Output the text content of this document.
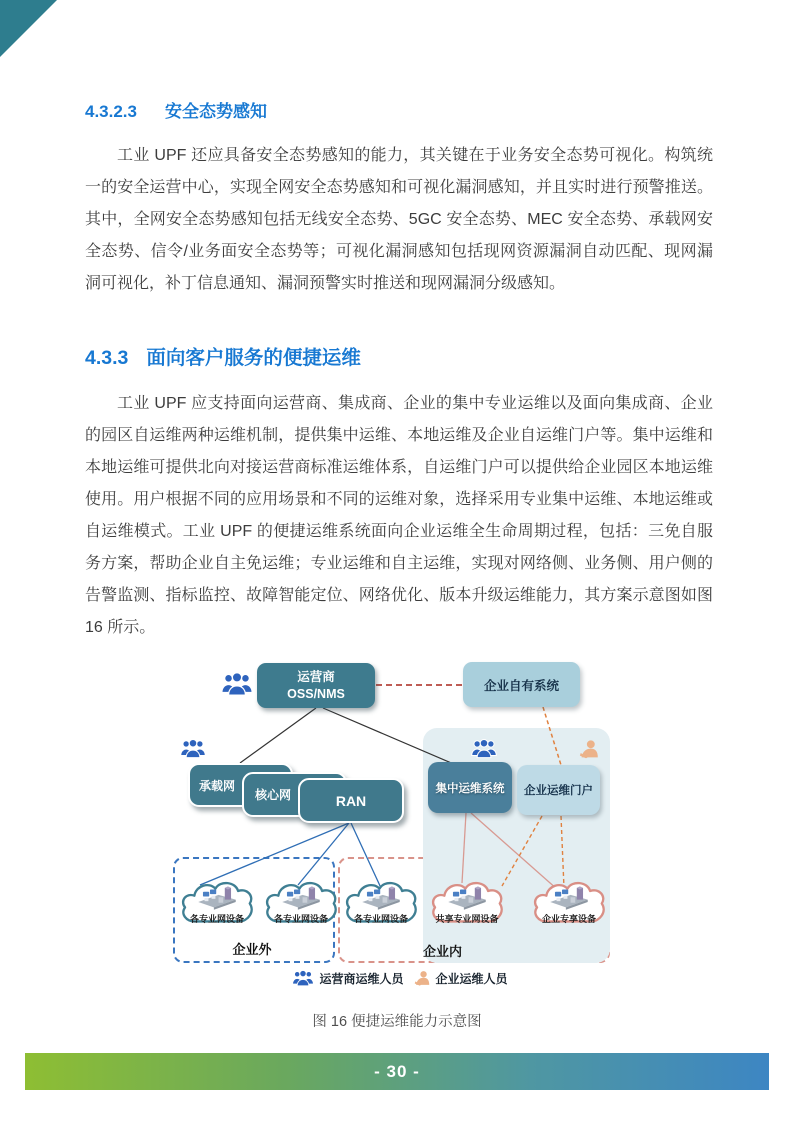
4.3.2.3 安全态势感知

工业 UPF 还应具备安全态势感知的能力，其关键在于业务安全态势可视化。构筑统一的安全运营中心，实现全网安全态势感知和可视化漏洞感知，并且实时进行预警推送。其中，全网安全态势感知包括无线安全态势、5GC 安全态势、MEC 安全态势、承载网安全态势、信令/业务面安全态势等；可视化漏洞感知包括现网资源漏洞自动匹配、现网漏洞可视化，补丁信息通知、漏洞预警实时推送和现网漏洞分级感知。

4.3.3 面向客户服务的便捷运维

工业 UPF 应支持面向运营商、集成商、企业的集中专业运维以及面向集成商、企业的园区自运维两种运维机制，提供集中运维、本地运维及企业自运维门户等。集中运维和本地运维可提供北向对接运营商标准运维体系，自运维门户可以提供给企业园区本地运维使用。用户根据不同的应用场景和不同的运维对象，选择采用专业集中运维、本地运维或自运维模式。工业 UPF 的便捷运维系统面向企业运维全生命周期过程，包括：三免自服务方案，帮助企业自主免运维；专业运维和自主运维，实现对网络侧、业务侧、用户侧的告警监测、指标监控、故障智能定位、网络优化、版本升级运维能力，其方案示意图如图 16 所示。

运营商
OSS/NMS
企业自有系统
承载网
核心网	RAN
集中运维系统	企业运维门户
各专业网设备	各专业网设备	各专业网设备	共享专业网设备	企业专享设备
企业外	企业内
运营商运维人员	企业运维人员
图 16 便捷运维能力示意图
- 30 -
